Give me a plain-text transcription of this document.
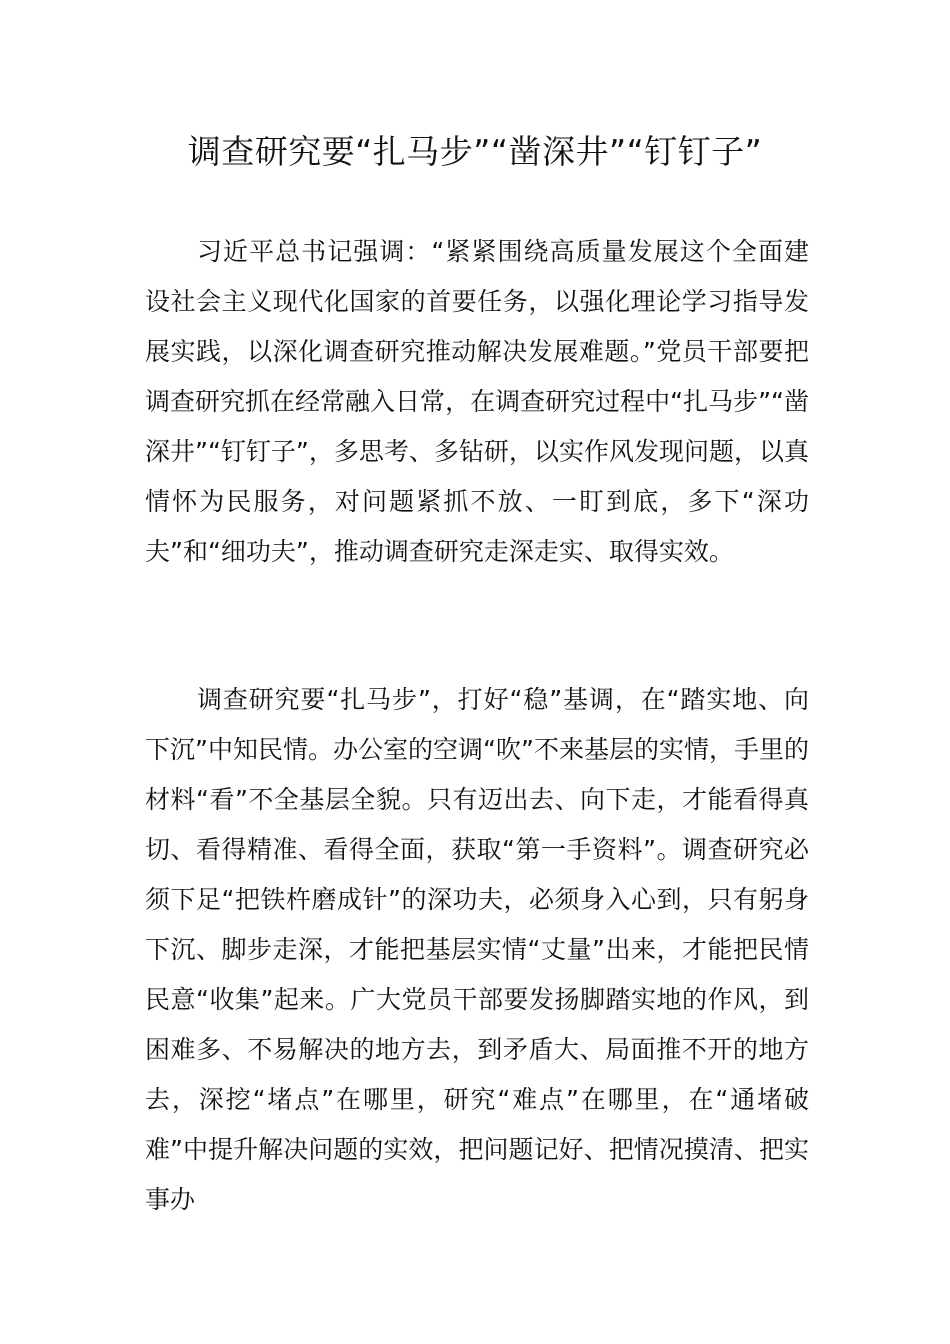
调查研究要“扎马步”“凿深井”“钉钉子”

习近平总书记强调：“紧紧围绕高质量发展这个全面建设社会主义现代化国家的首要任务，以强化理论学习指导发展实践，以深化调查研究推动解决发展难题。”党员干部要把调查研究抓在经常融入日常，在调查研究过程中“扎马步”“凿深井”“钉钉子”，多思考、多钻研，以实作风发现问题，以真情怀为民服务，对问题紧抓不放、一盯到底，多下“深功夫”和“细功夫”，推动调查研究走深走实、取得实效。

调查研究要“扎马步”，打好“稳”基调，在“踏实地、向下沉”中知民情。办公室的空调“吹”不来基层的实情，手里的材料“看”不全基层全貌。只有迈出去、向下走，才能看得真切、看得精准、看得全面，获取“第一手资料”。调查研究必须下足“把铁杵磨成针”的深功夫，必须身入心到，只有躬身下沉、脚步走深，才能把基层实情“丈量”出来，才能把民情民意“收集”起来。广大党员干部要发扬脚踏实地的作风，到困难多、不易解决的地方去，到矛盾大、局面推不开的地方去，深挖“堵点”在哪里，研究“难点”在哪里，在“通堵破难”中提升解决问题的实效，把问题记好、把情况摸清、把实事办
